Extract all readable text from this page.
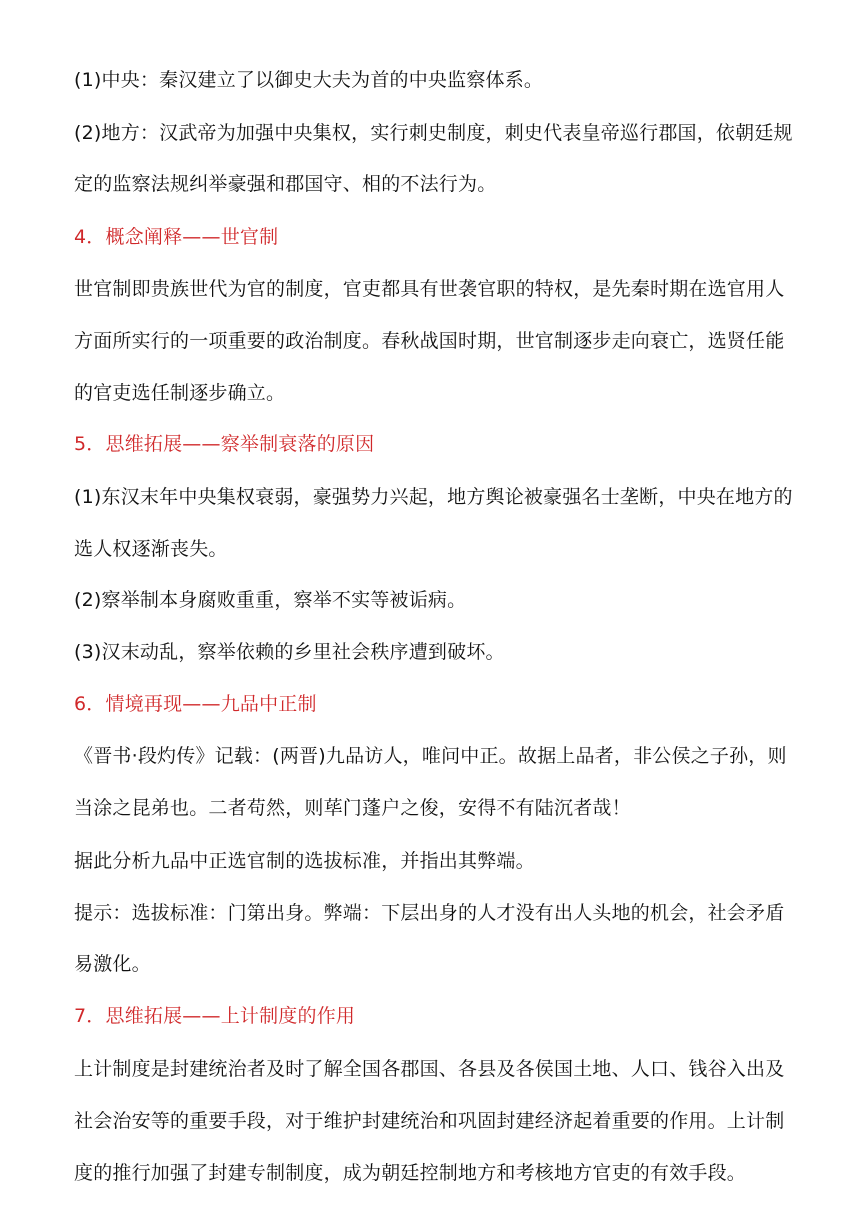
(1)中央：秦汉建立了以御史大夫为首的中央监察体系。
(2)地方：汉武帝为加强中央集权，实行刺史制度，刺史代表皇帝巡行郡国，依朝廷规
定的监察法规纠举豪强和郡国守、相的不法行为。
4．概念阐释——世官制
世官制即贵族世代为官的制度，官吏都具有世袭官职的特权，是先秦时期在选官用人
方面所实行的一项重要的政治制度。春秋战国时期，世官制逐步走向衰亡，选贤任能
的官吏选任制逐步确立。
5．思维拓展——察举制衰落的原因
(1)东汉末年中央集权衰弱，豪强势力兴起，地方舆论被豪强名士垄断，中央在地方的
选人权逐渐丧失。
(2)察举制本身腐败重重，察举不实等被诟病。
(3)汉末动乱，察举依赖的乡里社会秩序遭到破坏。
6．情境再现——九品中正制
《晋书·段灼传》记载：(两晋)九品访人，唯问中正。故据上品者，非公侯之子孙，则
当涂之昆弟也。二者苟然，则荜门蓬户之俊，安得不有陆沉者哉！
据此分析九品中正选官制的选拔标准，并指出其弊端。
提示：选拔标准：门第出身。弊端：下层出身的人才没有出人头地的机会，社会矛盾
易激化。
7．思维拓展——上计制度的作用
上计制度是封建统治者及时了解全国各郡国、各县及各侯国土地、人口、钱谷入出及
社会治安等的重要手段，对于维护封建统治和巩固封建经济起着重要的作用。上计制
度的推行加强了封建专制制度，成为朝廷控制地方和考核地方官吏的有效手段。
